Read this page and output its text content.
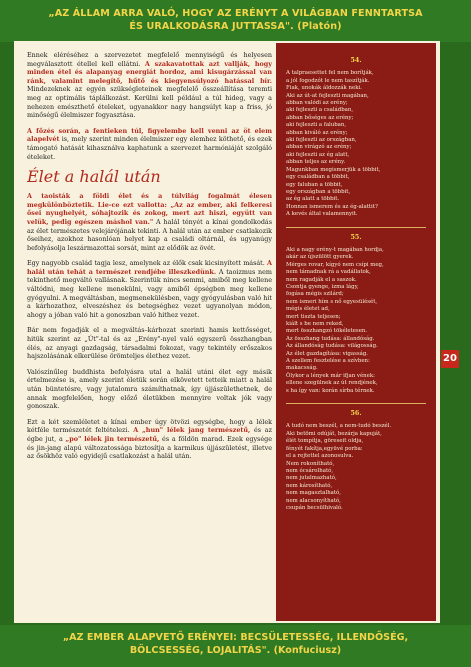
„AZ ÁLLAM ARRA VALÓ, HOGY AZ ERÉNYT A VILÁGBAN FENNTARTSA
ÉS URALKODÁSRA JUTTASSA". (Platón)

Ennek eléréséhez a szervezetet megfelelő mennyiségű és helyesen megválasztott étellel kell ellátni. A szakavatottak azt vallják, hogy minden étel és alapanyag energiát hordoz, ami kisugárzással van ránk, valamint melegítő, hűtő és kiegyensúlyozó hatással bír. Mindezeknek az egyén szükségleteinek megfelelő összeállítása teremti meg az optimális táplálkozást. Kerülni kell például a túl hideg, vagy a nehezen emészthető ételeket, ugyanakkor nagy hangsúlyt kap a friss, jó minőségű élelmiszer fogyasztása.

A főzés során, a fentieken túl, figyelembe kell venni az öt elem alapelvét is, mely szerint minden élelmiszer egy elemhez köthető, és ezek támogató hatását kihasználva kaphatunk a szervezet harmóniáját szolgáló ételeket.

Élet a halál után

A taoisták a földi élet és a túlvilág fogalmát élesen megkülönböztetik. Lie-ce ezt vallotta: „Az az ember, aki felkeresi ősei nyughelyét, sóhajtozik és zokog, mert azt hiszi, együtt van velük, pedig egészen máshol van." A halál tényét a kínai gondolkodás az élet természetes velejárójának tekinti. A halál után az ember csatlakozik őseihez, azokhoz hasonlóan helyet kap a családi oltárnál, és ugyanúgy befolyásolja leszármazottai sorsát, mint az elődök az övét.

Egy nagyobb család tagja lesz, amelynek az élők csak kicsinyített mását. A halál után tehát a természet rendjébe illeszkedünk. A taoizmus nem tekinthető megváltó vallásnak. Szerintük nincs semmi, amiből meg kellene váltódni, meg kellene menekülni, vagy amiből épségben meg kellene gyógyulni. A megváltásban, megmenekülésben, vagy gyógyulásban való hit a kárhozathoz, elveszéshez és betegséghez vezet ugyanolyan módon, ahogy a jóban való hit a gonoszban való hithez vezet.

Bár nem fogadják el a megváltás–kárhozat szerinti hamis kettősséget, hitük szerint az „Út"-tal és az „Erény"-nyel való egyszerű összhangban élés, az anyagi gazdagság, társadalmi fokozat, vagy tekintély erőszakos hajszolásának elkerülése örömteljes élethez vezet.

Valószínűleg buddhista befolyásra utal a halál utáni élet egy másik értelmezése is, amely szerint életük során elkövetett tetteik miatt a halál után büntetésre, vagy jutalomra számíthatnak, így újjászülethetnek, de annak megfelelően, hogy előző életükben mennyire voltak jók vagy gonoszak.

Ezt a két szemléletet a kínai ember úgy ötvözi egységbe, hogy a lélek kétféle természetét feltételezi. A „hun" lélek jang természetű, és az égbe jut, a „po" lélek jin természetű, és a földön marad. Ezek egysége és jin-jang alapú változatossága biztosítja a karmikus újjászületést, illetve az ősökhöz való egyidejű csatlakozást a halál után.

54.
A talpraesettet fel nem borítják,
a jól fogodzót le nem taszítják.
Fiak, unokák áldozzák neki.
Aki az út-at fejleszti magában,
abban valódi az erény;
aki fejleszti a családban,
abban bőséges az erény;
aki fejleszti a faluban,
abban kiváló az erény;
aki fejleszti az országban,
abban virágzó az erény;
aki fejleszti az ég alatt,
abban teljes az erény.
Magunkban megismerjük a többit,
egy családban a többit,
egy faluban a többit,
egy országban a többit,
az ég alatt a többit.
Honnan ismerem és az ég-alattit?
A kevés által valamennyit.
55.
Aki a nagy erény-t magában hordja,
akár az újszülött gyerek.
Mérges rovar, kígyó nem csípi meg,
nem támadnak rá a vadállatok,
nem ragadják el a saszok.
Csontja gyenge, izma lágy,
fogása mégis szilárd;
nem ismeri hím s nő egyesülését,
mégis életet ad,
mert tiszta teljesen;
kiált s be nem reked,
mert összhangzó tökéletesen.
Az összhang tudása: állandóság.
Az állandóság tudása: világosság.
Az élet gazdagítása: vigasság.
A szellem fesztelése a szívben:
makacsság.
Ölykor a lények már ifjan vének:
ellene szegülnek az út rendjének,
s ha így van: korán sírba térnek.
56.
A tudó nem beszél, a nem-tudó beszél.
Aki betömi odúját, bezárja kapuját,
élét tompítja, göreseit oldja,
fényét fakítja,együvé porba:
el a rejtettel azonosulva.
Nem rokonítható,
nem ócsárolható,
nem jutalmazható,
nem károsítható,
nem magasztalható,
nem alacsonyítható,
csupán becsülhivaló.
20
„AZ EMBER ALAPVETŐ ERÉNYEI: BECSÜLETESSÉG, ILLENDŐSÉG,
BÖLCSESSÉG, LOJALITÁS". (Konfuciusz)
